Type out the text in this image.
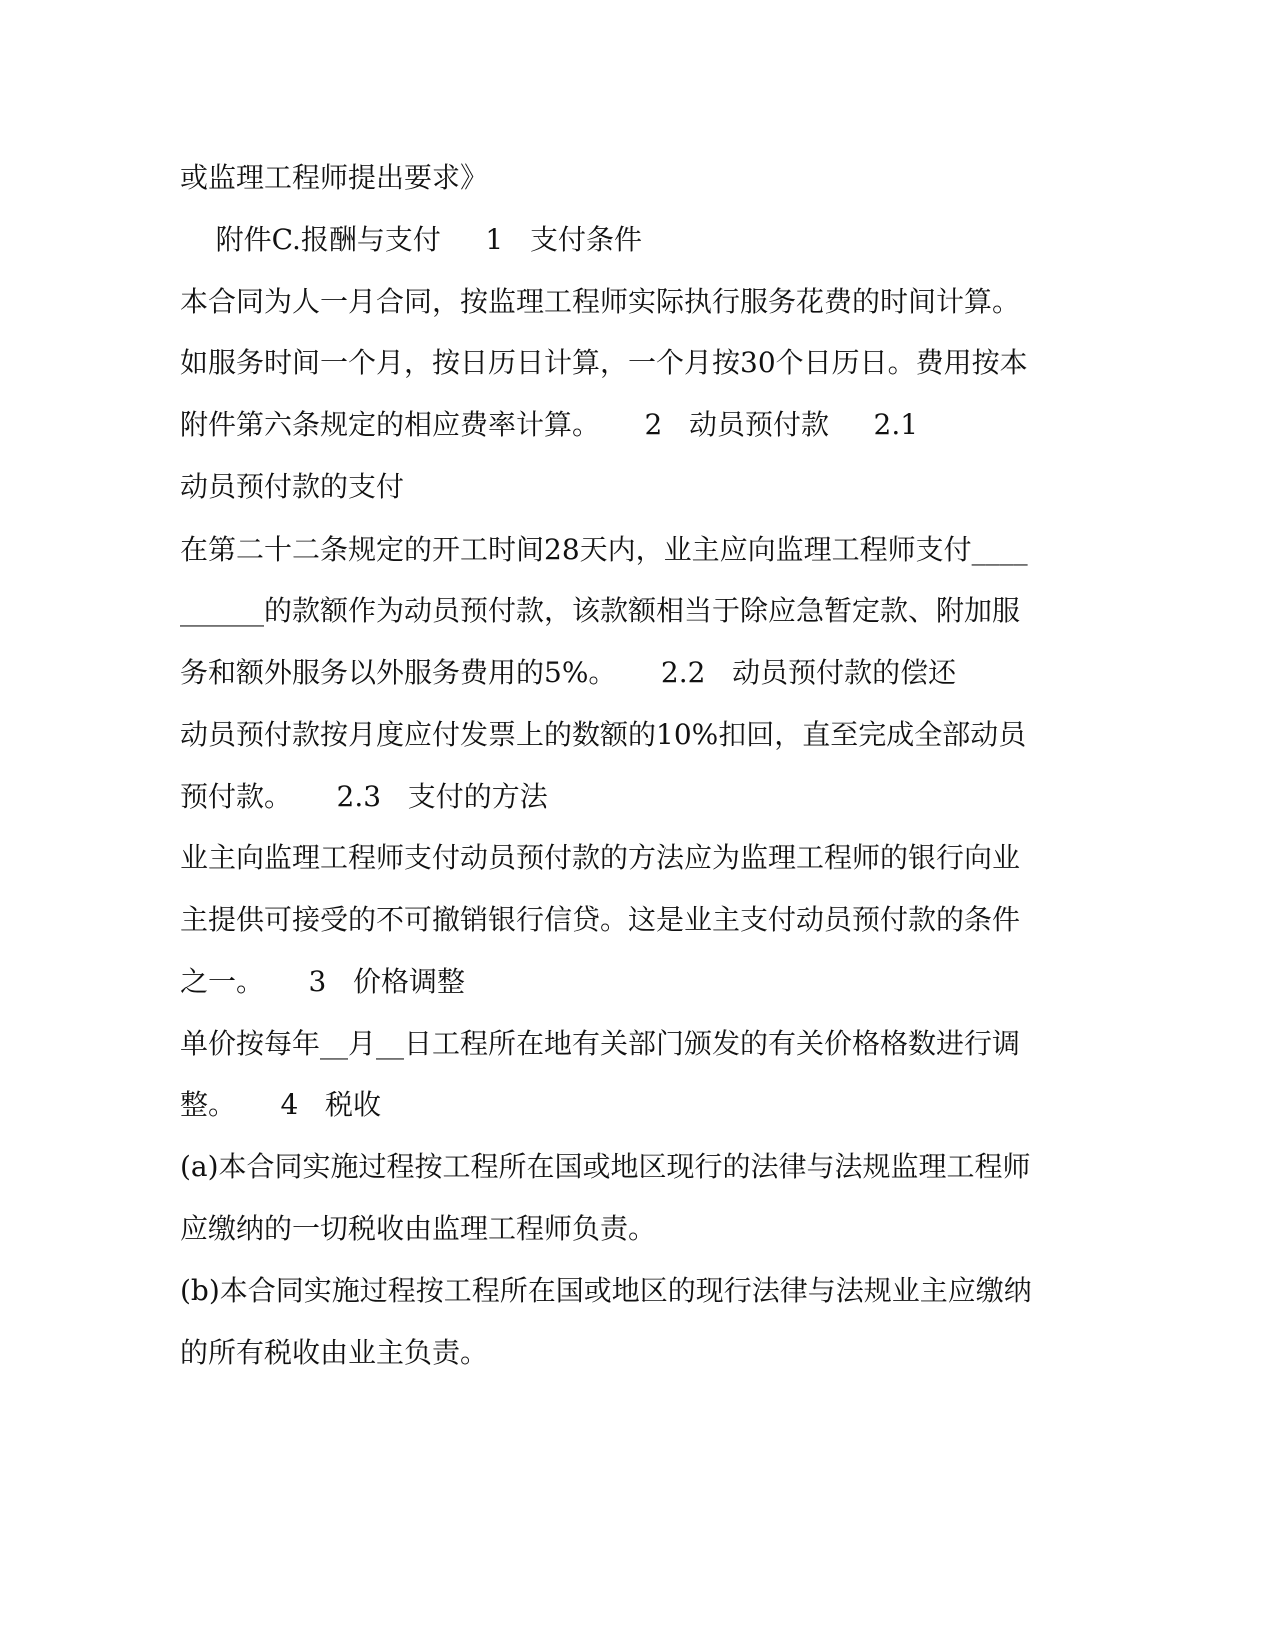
或监理工程师提出要求》
附件C.报酬与支付     1   支付条件
本合同为人一月合同，按监理工程师实际执行服务花费的时间计算。
如服务时间一个月，按日历日计算，一个月按30个日历日。费用按本
附件第六条规定的相应费率计算。     2   动员预付款     2.1
动员预付款的支付
在第二十二条规定的开工时间28天内，业主应向监理工程师支付____
______的款额作为动员预付款，该款额相当于除应急暂定款、附加服
务和额外服务以外服务费用的5%。     2.2   动员预付款的偿还
动员预付款按月度应付发票上的数额的10%扣回，直至完成全部动员
预付款。     2.3   支付的方法
业主向监理工程师支付动员预付款的方法应为监理工程师的银行向业
主提供可接受的不可撤销银行信贷。这是业主支付动员预付款的条件
之一。     3   价格调整
单价按每年__月__日工程所在地有关部门颁发的有关价格格数进行调
整。     4   税收
(a)本合同实施过程按工程所在国或地区现行的法律与法规监理工程师
应缴纳的一切税收由监理工程师负责。
(b)本合同实施过程按工程所在国或地区的现行法律与法规业主应缴纳
的所有税收由业主负责。
